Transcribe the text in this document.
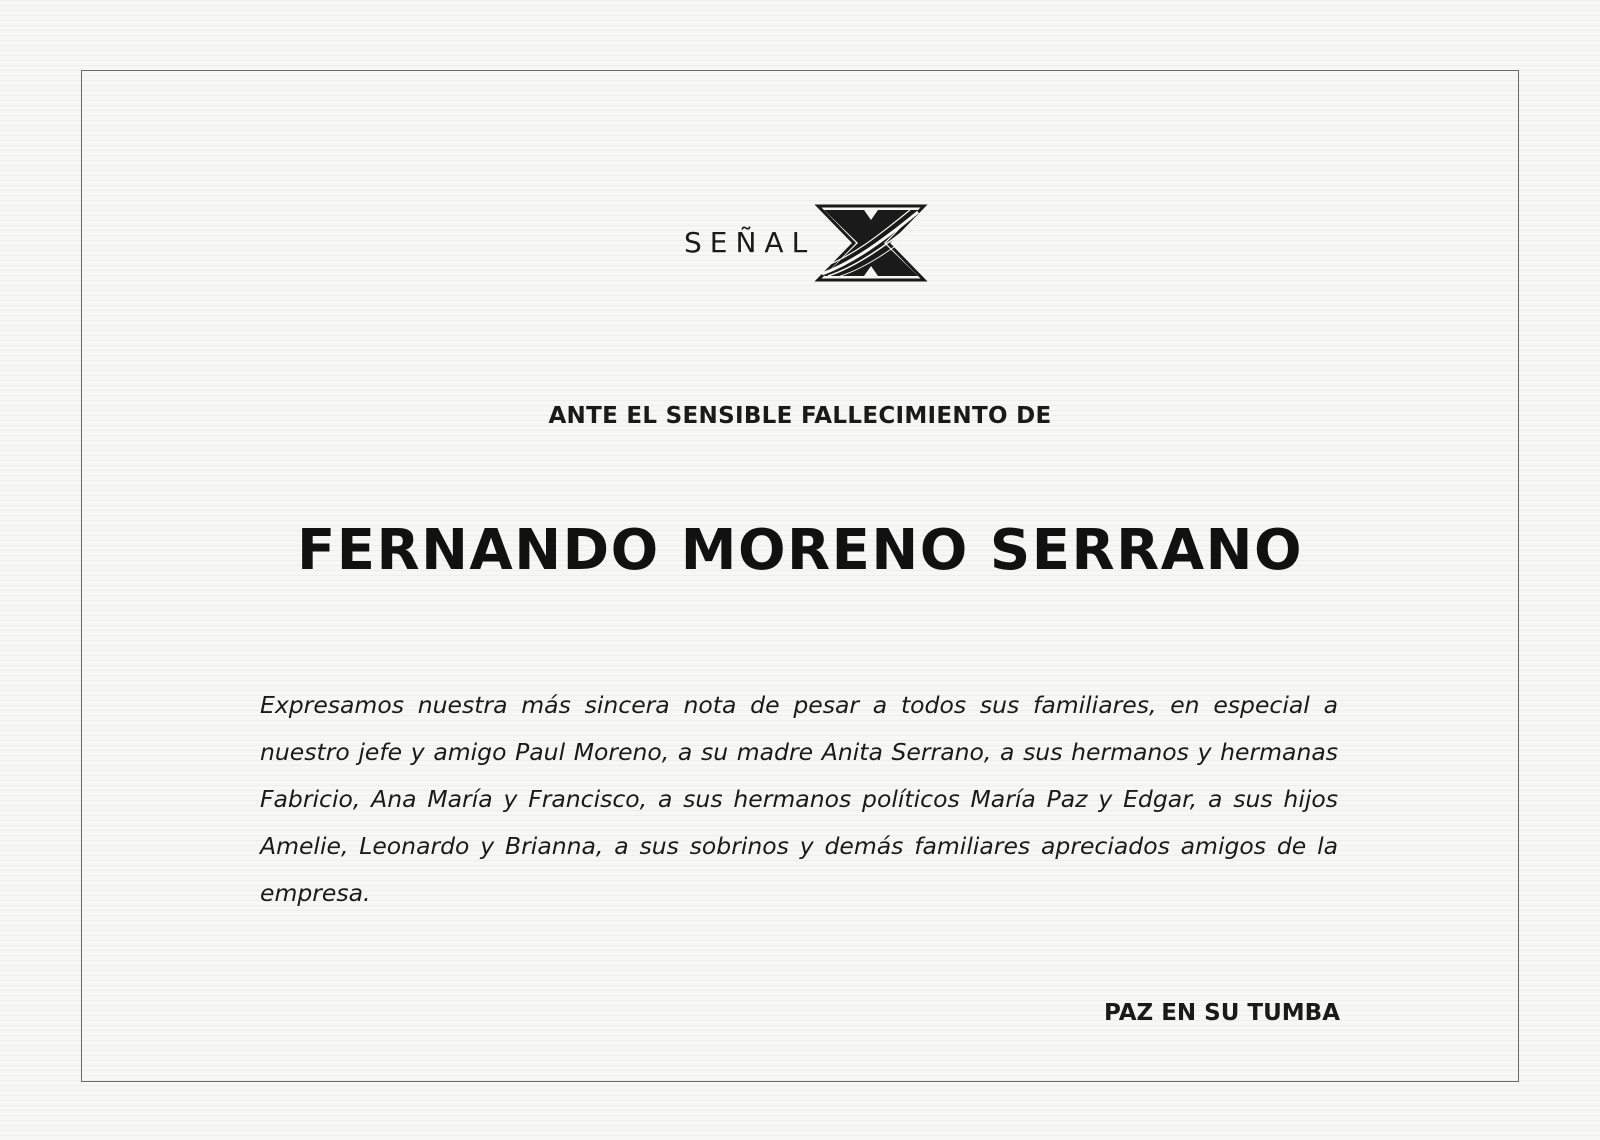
SEÑAL
ANTE EL SENSIBLE FALLECIMIENTO DE
FERNANDO MORENO SERRANO

Expresamos nuestra más sincera nota de pesar a todos sus familiares, en especial a nuestro jefe y amigo Paul Moreno, a su madre Anita Serrano, a sus hermanos y hermanas Fabricio, Ana María y Francisco, a sus hermanos políticos María Paz y Edgar, a sus hijos Amelie, Leonardo y Brianna, a sus sobrinos y demás familiares apreciados amigos de la empresa.

PAZ EN SU TUMBA
